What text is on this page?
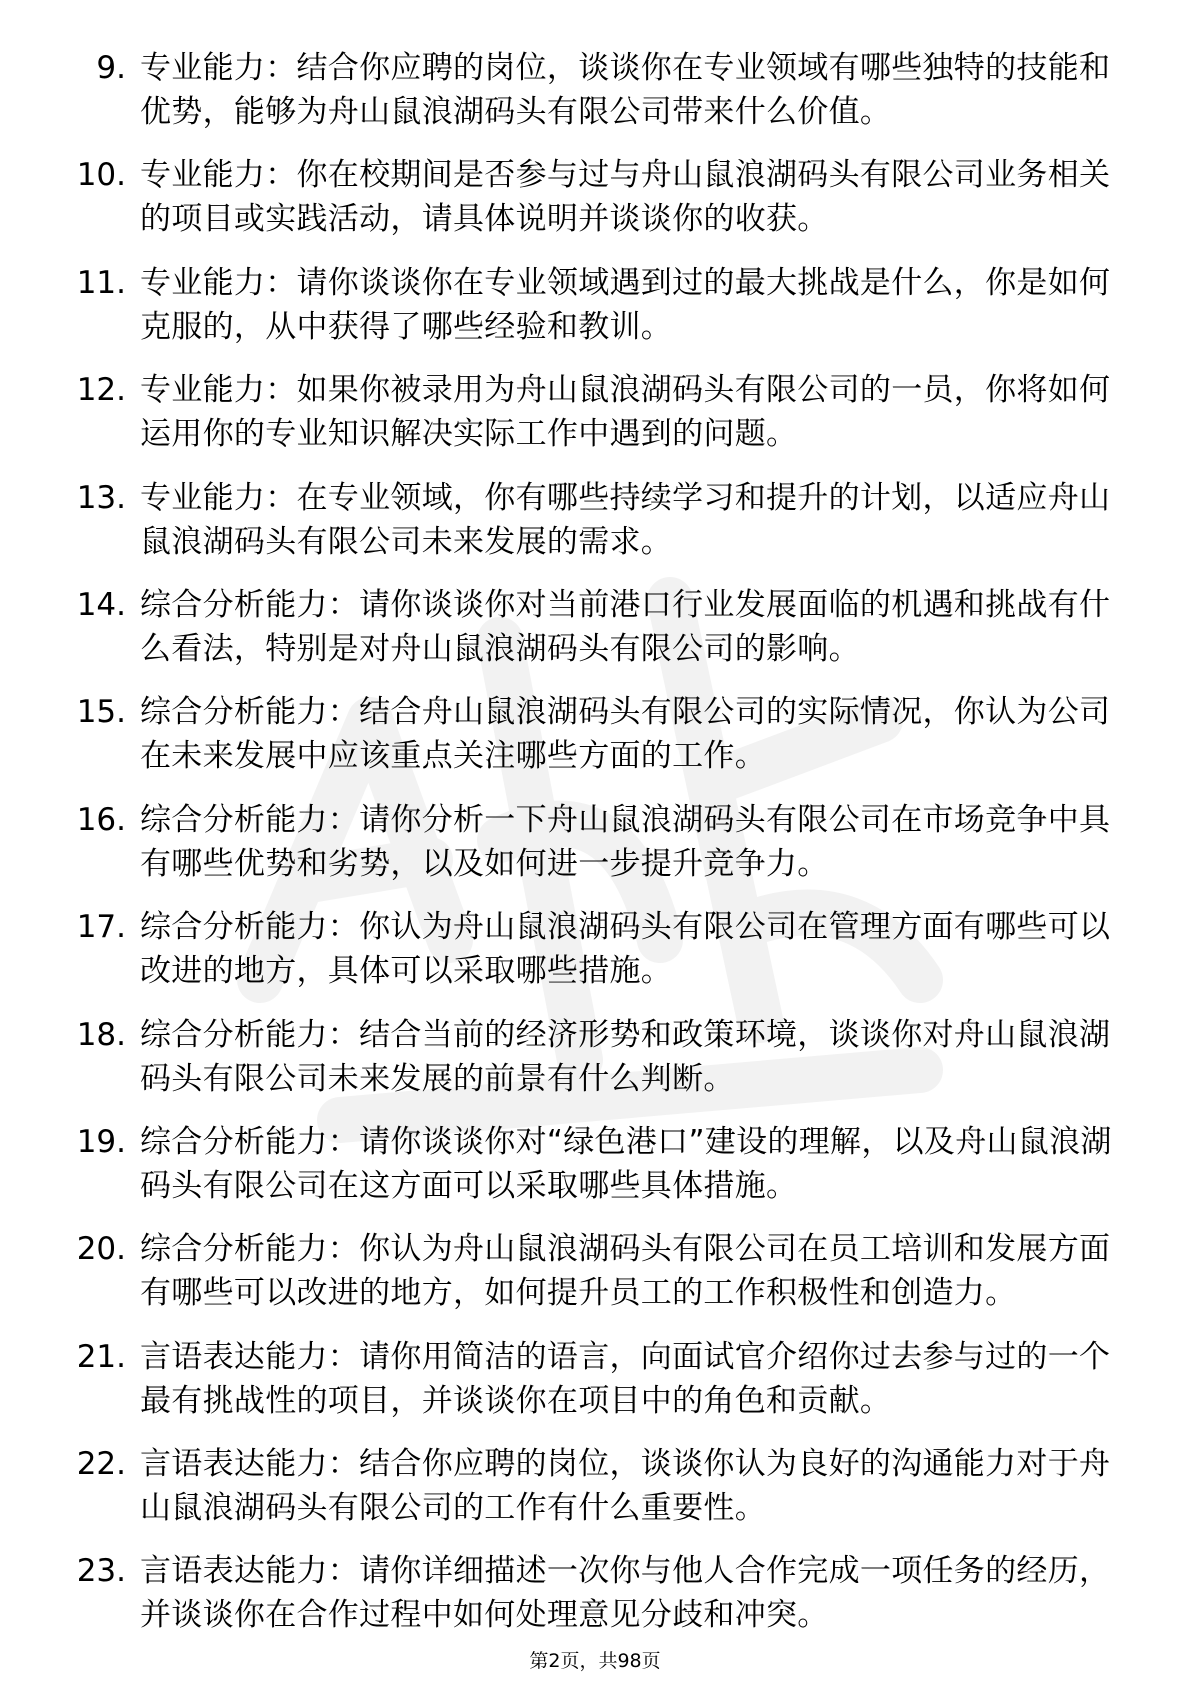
9. 专业能力：结合你应聘的岗位，谈谈你在专业领域有哪些独特的技能和优势，能够为舟山鼠浪湖码头有限公司带来什么价值。
10. 专业能力：你在校期间是否参与过与舟山鼠浪湖码头有限公司业务相关的项目或实践活动，请具体说明并谈谈你的收获。
11. 专业能力：请你谈谈你在专业领域遇到过的最大挑战是什么，你是如何克服的，从中获得了哪些经验和教训。
12. 专业能力：如果你被录用为舟山鼠浪湖码头有限公司的一员，你将如何运用你的专业知识解决实际工作中遇到的问题。
13. 专业能力：在专业领域，你有哪些持续学习和提升的计划，以适应舟山鼠浪湖码头有限公司未来发展的需求。
14. 综合分析能力：请你谈谈你对当前港口行业发展面临的机遇和挑战有什么看法，特别是对舟山鼠浪湖码头有限公司的影响。
15. 综合分析能力：结合舟山鼠浪湖码头有限公司的实际情况，你认为公司在未来发展中应该重点关注哪些方面的工作。
16. 综合分析能力：请你分析一下舟山鼠浪湖码头有限公司在市场竞争中具有哪些优势和劣势，以及如何进一步提升竞争力。
17. 综合分析能力：你认为舟山鼠浪湖码头有限公司在管理方面有哪些可以改进的地方，具体可以采取哪些措施。
18. 综合分析能力：结合当前的经济形势和政策环境，谈谈你对舟山鼠浪湖码头有限公司未来发展的前景有什么判断。
19. 综合分析能力：请你谈谈你对“绿色港口”建设的理解，以及舟山鼠浪湖码头有限公司在这方面可以采取哪些具体措施。
20. 综合分析能力：你认为舟山鼠浪湖码头有限公司在员工培训和发展方面有哪些可以改进的地方，如何提升员工的工作积极性和创造力。
21. 言语表达能力：请你用简洁的语言，向面试官介绍你过去参与过的一个最有挑战性的项目，并谈谈你在项目中的角色和贡献。
22. 言语表达能力：结合你应聘的岗位，谈谈你认为良好的沟通能力对于舟山鼠浪湖码头有限公司的工作有什么重要性。
23. 言语表达能力：请你详细描述一次你与他人合作完成一项任务的经历，并谈谈你在合作过程中如何处理意见分歧和冲突。
第2页，共98页
